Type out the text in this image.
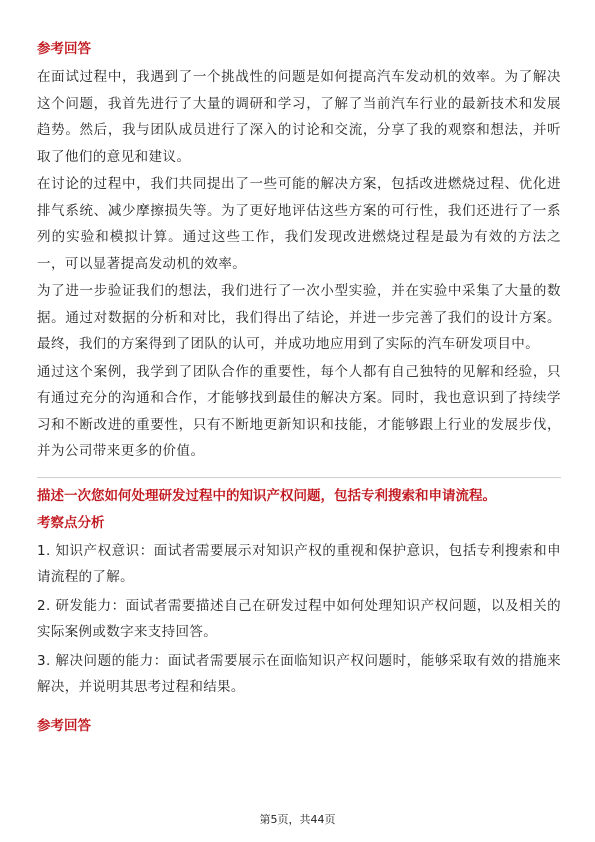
参考回答

在面试过程中，我遇到了一个挑战性的问题是如何提高汽车发动机的效率。为了解决这个问题，我首先进行了大量的调研和学习，了解了当前汽车行业的最新技术和发展趋势。然后，我与团队成员进行了深入的讨论和交流，分享了我的观察和想法，并听取了他们的意见和建议。

在讨论的过程中，我们共同提出了一些可能的解决方案，包括改进燃烧过程、优化进排气系统、减少摩擦损失等。为了更好地评估这些方案的可行性，我们还进行了一系列的实验和模拟计算。通过这些工作，我们发现改进燃烧过程是最为有效的方法之一，可以显著提高发动机的效率。

为了进一步验证我们的想法，我们进行了一次小型实验，并在实验中采集了大量的数据。通过对数据的分析和对比，我们得出了结论，并进一步完善了我们的设计方案。最终，我们的方案得到了团队的认可，并成功地应用到了实际的汽车研发项目中。

通过这个案例，我学到了团队合作的重要性，每个人都有自己独特的见解和经验，只有通过充分的沟通和合作，才能够找到最佳的解决方案。同时，我也意识到了持续学习和不断改进的重要性，只有不断地更新知识和技能，才能够跟上行业的发展步伐，并为公司带来更多的价值。

描述一次您如何处理研发过程中的知识产权问题，包括专利搜索和申请流程。
考察点分析

1. 知识产权意识：面试者需要展示对知识产权的重视和保护意识，包括专利搜索和申请流程的了解。

2. 研发能力：面试者需要描述自己在研发过程中如何处理知识产权问题，以及相关的实际案例或数字来支持回答。

3. 解决问题的能力：面试者需要展示在面临知识产权问题时，能够采取有效的措施来解决，并说明其思考过程和结果。

参考回答
第5页，共44页
